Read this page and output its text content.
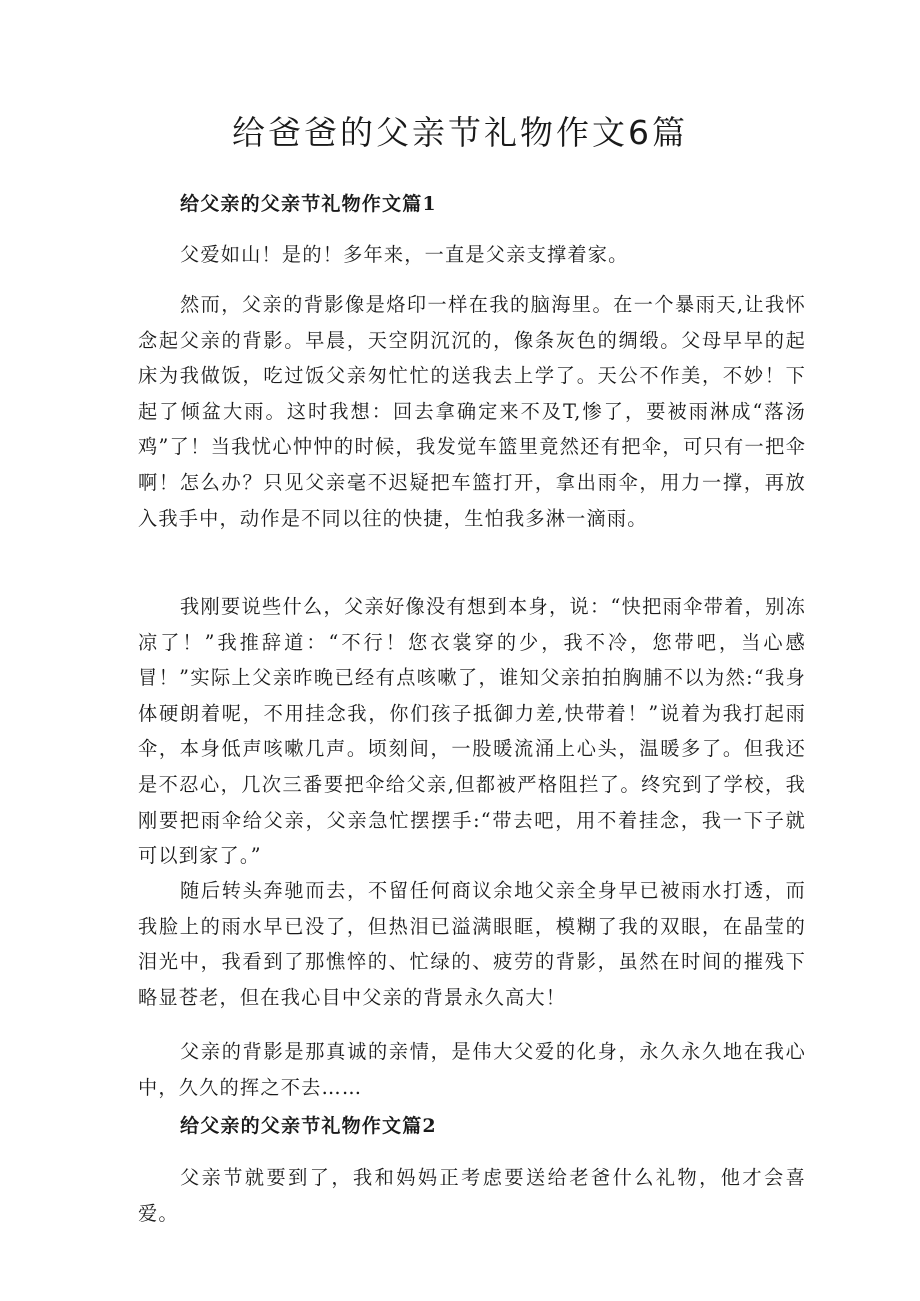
给爸爸的父亲节礼物作文6篇
给父亲的父亲节礼物作文篇1

父爱如山！是的！多年来，一直是父亲支撑着家。

然而，父亲的背影像是烙印一样在我的脑海里。在一个暴雨天,让我怀念起父亲的背影。早晨，天空阴沉沉的，像条灰色的绸缎。父母早早的起床为我做饭，吃过饭父亲匆忙忙的送我去上学了。天公不作美，不妙！下起了倾盆大雨。这时我想：回去拿确定来不及T,惨了，要被雨淋成“落汤鸡”了！当我忧心忡忡的时候，我发觉车篮里竟然还有把伞，可只有一把伞啊！怎么办？只见父亲毫不迟疑把车篮打开，拿出雨伞，用力一撑，再放入我手中，动作是不同以往的快捷，生怕我多淋一滴雨。

我刚要说些什么，父亲好像没有想到本身，说：“快把雨伞带着，别冻凉了！”我推辞道：“不行！您衣裳穿的少，我不冷，您带吧，当心感冒！”实际上父亲昨晚已经有点咳嗽了，谁知父亲拍拍胸脯不以为然:“我身体硬朗着呢，不用挂念我，你们孩子抵御力差,快带着！”说着为我打起雨伞，本身低声咳嗽几声。顷刻间，一股暖流涌上心头，温暖多了。但我还是不忍心，几次三番要把伞给父亲,但都被严格阻拦了。终究到了学校，我刚要把雨伞给父亲，父亲急忙摆摆手:“带去吧，用不着挂念，我一下子就可以到家了。”

随后转头奔驰而去，不留任何商议余地父亲全身早已被雨水打透，而我脸上的雨水早已没了，但热泪已溢满眼眶，模糊了我的双眼，在晶莹的泪光中，我看到了那憔悴的、忙绿的、疲劳的背影，虽然在时间的摧残下略显苍老，但在我心目中父亲的背景永久高大！

父亲的背影是那真诚的亲情，是伟大父爱的化身，永久永久地在我心中，久久的挥之不去……

给父亲的父亲节礼物作文篇2

父亲节就要到了，我和妈妈正考虑要送给老爸什么礼物，他才会喜爱。
